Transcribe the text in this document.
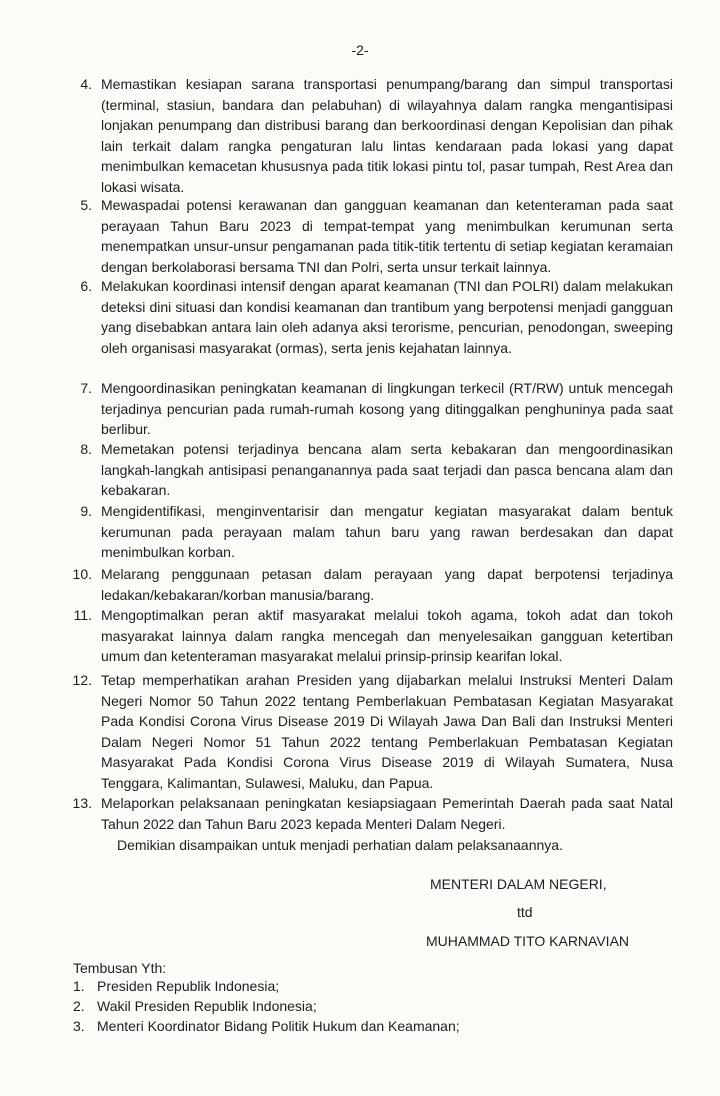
-2-
4. Memastikan kesiapan sarana transportasi penumpang/barang dan simpul transportasi (terminal, stasiun, bandara dan pelabuhan) di wilayahnya dalam rangka mengantisipasi lonjakan penumpang dan distribusi barang dan berkoordinasi dengan Kepolisian dan pihak lain terkait dalam rangka pengaturan lalu lintas kendaraan pada lokasi yang dapat menimbulkan kemacetan khususnya pada titik lokasi pintu tol, pasar tumpah, Rest Area dan lokasi wisata.
5. Mewaspadai potensi kerawanan dan gangguan keamanan dan ketenteraman pada saat perayaan Tahun Baru 2023 di tempat-tempat yang menimbulkan kerumunan serta menempatkan unsur-unsur pengamanan pada titik-titik tertentu di setiap kegiatan keramaian dengan berkolaborasi bersama TNI dan Polri, serta unsur terkait lainnya.
6. Melakukan koordinasi intensif dengan aparat keamanan (TNI dan POLRI) dalam melakukan deteksi dini situasi dan kondisi keamanan dan trantibum yang berpotensi menjadi gangguan yang disebabkan antara lain oleh adanya aksi terorisme, pencurian, penodongan, sweeping oleh organisasi masyarakat (ormas), serta jenis kejahatan lainnya.
7. Mengoordinasikan peningkatan keamanan di lingkungan terkecil (RT/RW) untuk mencegah terjadinya pencurian pada rumah-rumah kosong yang ditinggalkan penghuninya pada saat berlibur.
8. Memetakan potensi terjadinya bencana alam serta kebakaran dan mengoordinasikan langkah-langkah antisipasi penanganannya pada saat terjadi dan pasca bencana alam dan kebakaran.
9. Mengidentifikasi, menginventarisir dan mengatur kegiatan masyarakat dalam bentuk kerumunan pada perayaan malam tahun baru yang rawan berdesakan dan dapat menimbulkan korban.
10. Melarang penggunaan petasan dalam perayaan yang dapat berpotensi terjadinya ledakan/kebakaran/korban manusia/barang.
11. Mengoptimalkan peran aktif masyarakat melalui tokoh agama, tokoh adat dan tokoh masyarakat lainnya dalam rangka mencegah dan menyelesaikan gangguan ketertiban umum dan ketenteraman masyarakat melalui prinsip-prinsip kearifan lokal.
12. Tetap memperhatikan arahan Presiden yang dijabarkan melalui Instruksi Menteri Dalam Negeri Nomor 50 Tahun 2022 tentang Pemberlakuan Pembatasan Kegiatan Masyarakat Pada Kondisi Corona Virus Disease 2019 Di Wilayah Jawa Dan Bali dan Instruksi Menteri Dalam Negeri Nomor 51 Tahun 2022 tentang Pemberlakuan Pembatasan Kegiatan Masyarakat Pada Kondisi Corona Virus Disease 2019 di Wilayah Sumatera, Nusa Tenggara, Kalimantan, Sulawesi, Maluku, dan Papua.
13. Melaporkan pelaksanaan peningkatan kesiapsiagaan Pemerintah Daerah pada saat Natal Tahun 2022 dan Tahun Baru 2023 kepada Menteri Dalam Negeri.
Demikian disampaikan untuk menjadi perhatian dalam pelaksanaannya.
MENTERI DALAM NEGERI,
ttd
MUHAMMAD TITO KARNAVIAN
Tembusan Yth:
1. Presiden Republik Indonesia;
2. Wakil Presiden Republik Indonesia;
3. Menteri Koordinator Bidang Politik Hukum dan Keamanan;
